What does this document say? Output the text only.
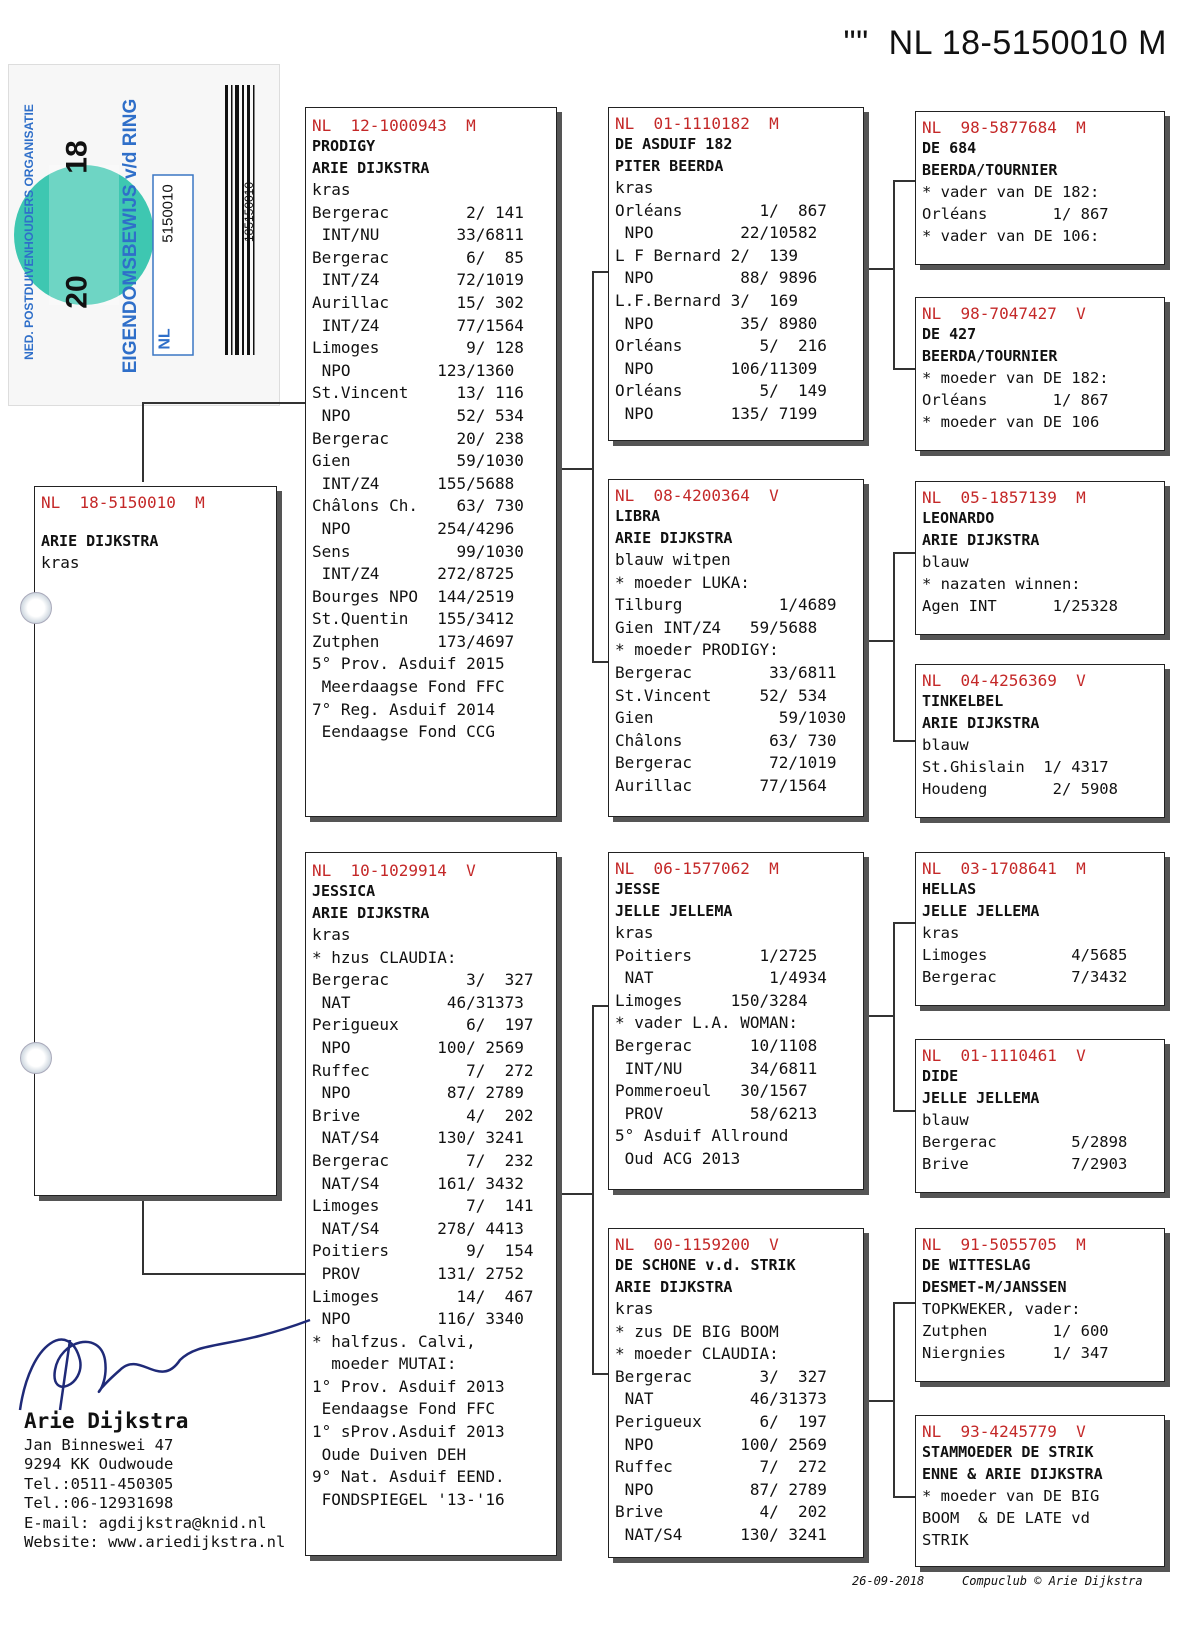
"" NL 18-5150010 M
NED. POSTDUIVENHOUDERS ORGANISATIE	EIGENDOMSBEWIJS v/d RING
20
18
NL
5150010	185150010
NL  18-5150010  M
ARIE DIJKSTRA
kras
NL  12-1000943  M
PRODIGY
ARIE DIJKSTRA
kras
Bergerac        2/ 141
INT/NU        33/6811
Bergerac        6/  85
INT/Z4        72/1019
Aurillac       15/ 302
INT/Z4        77/1564
Limoges         9/ 128
NPO         123/1360
St.Vincent     13/ 116
NPO           52/ 534
Bergerac       20/ 238
Gien           59/1030
INT/Z4      155/5688
Châlons Ch.    63/ 730
NPO         254/4296
Sens           99/1030
INT/Z4      272/8725
Bourges NPO  144/2519
St.Quentin   155/3412
Zutphen      173/4697
5° Prov. Asduif 2015
Meerdaagse Fond FFC
7° Reg. Asduif 2014
Eendaagse Fond CCG
NL  10-1029914  V
JESSICA
ARIE DIJKSTRA
kras
* hzus CLAUDIA:
Bergerac        3/  327
NAT          46/31373
Perigueux       6/  197
NPO         100/ 2569
Ruffec          7/  272
NPO          87/ 2789
Brive           4/  202
NAT/S4      130/ 3241
Bergerac        7/  232
NAT/S4      161/ 3432
Limoges         7/  141
NAT/S4      278/ 4413
Poitiers        9/  154
PROV        131/ 2752
Limoges        14/  467
NPO         116/ 3340
* halfzus. Calvi,
moeder MUTAI:
1° Prov. Asduif 2013
Eendaagse Fond FFC
1° sProv.Asduif 2013
Oude Duiven DEH
9° Nat. Asduif EEND.
FONDSPIEGEL '13-'16
NL  01-1110182  M
DE ASDUIF 182
PITER BEERDA
kras
Orléans        1/  867
NPO         22/10582
L F Bernard 2/  139
NPO         88/ 9896
L.F.Bernard 3/  169
NPO         35/ 8980
Orléans        5/  216
NPO        106/11309
Orléans        5/  149
NPO        135/ 7199
NL  08-4200364  V
LIBRA
ARIE DIJKSTRA
blauw witpen
* moeder LUKA:
Tilburg          1/4689
Gien INT/Z4   59/5688
* moeder PRODIGY:
Bergerac        33/6811
St.Vincent     52/ 534
Gien             59/1030
Châlons         63/ 730
Bergerac        72/1019
Aurillac       77/1564
NL  06-1577062  M
JESSE
JELLE JELLEMA
kras
Poitiers       1/2725
NAT            1/4934
Limoges     150/3284
* vader L.A. WOMAN:
Bergerac      10/1108
INT/NU       34/6811
Pommeroeul   30/1567
PROV         58/6213
5° Asduif Allround
Oud ACG 2013
NL  00-1159200  V
DE SCHONE v.d. STRIK
ARIE DIJKSTRA
kras
* zus DE BIG BOOM
* moeder CLAUDIA:
Bergerac       3/  327
NAT          46/31373
Perigueux      6/  197
NPO         100/ 2569
Ruffec         7/  272
NPO          87/ 2789
Brive          4/  202
NAT/S4      130/ 3241
NL  98-5877684  M
DE 684
BEERDA/TOURNIER
* vader van DE 182:
Orléans       1/ 867
* vader van DE 106:
NL  98-7047427  V
DE 427
BEERDA/TOURNIER
* moeder van DE 182:
Orléans       1/ 867
* moeder van DE 106
NL  05-1857139  M
LEONARDO
ARIE DIJKSTRA
blauw
* nazaten winnen:
Agen INT      1/25328
NL  04-4256369  V
TINKELBEL
ARIE DIJKSTRA
blauw
St.Ghislain  1/ 4317
Houdeng       2/ 5908
NL  03-1708641  M
HELLAS
JELLE JELLEMA
kras
Limoges         4/5685
Bergerac        7/3432
NL  01-1110461  V
DIDE
JELLE JELLEMA
blauw
Bergerac        5/2898
Brive           7/2903
NL  91-5055705  M
DE WITTESLAG
DESMET-M/JANSSEN
TOPKWEKER, vader:
Zutphen       1/ 600
Niergnies     1/ 347
NL  93-4245779  V
STAMMOEDER DE STRIK
ENNE & ARIE DIJKSTRA
* moeder van DE BIG
BOOM  & DE LATE vd
STRIK
Arie Dijkstra
Jan Binneswei 47
9294 KK Oudwoude
Tel.:0511-450305
Tel.:06-12931698
E-mail: agdijkstra@knid.nl
Website: www.ariedijkstra.nl
26-09-2018	Compuclub © Arie Dijkstra
